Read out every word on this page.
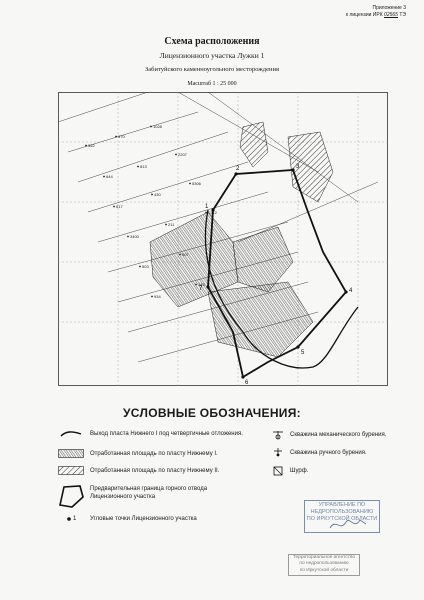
Приложение 3
к лицензии ИРК 02565 ТЭ
Схема расположения
Лицензионного участка Лужки 1
Забитуйского каменноугольного месторождения
Масштаб 1 : 25 000
1
2	3
4
5
6
7
352
370
1028
644
813
2207
617
430
5306
3400
211
1212
503
607
934
145
УСЛОВНЫЕ ОБОЗНАЧЕНИЯ:
Выход пласта Нижнего I под четвертичные отложения.
Отработанная площадь по пласту Нижнему I.
Отработанная площадь по пласту Нижнему II.
Предварительная граница горного отвода Лицензионного участка
1 Угловые точки Лицензионного участка
Скважина механического бурения.
Скважина ручного бурения.
Шурф.
УПРАВЛЕНИЕ ПО
НЕДРОПОЛЬЗОВАНИЮ
ПО ИРКУТСКОЙ ОБЛАСТИ
Территориальное агентство
по недропользованию
по Иркутской области
